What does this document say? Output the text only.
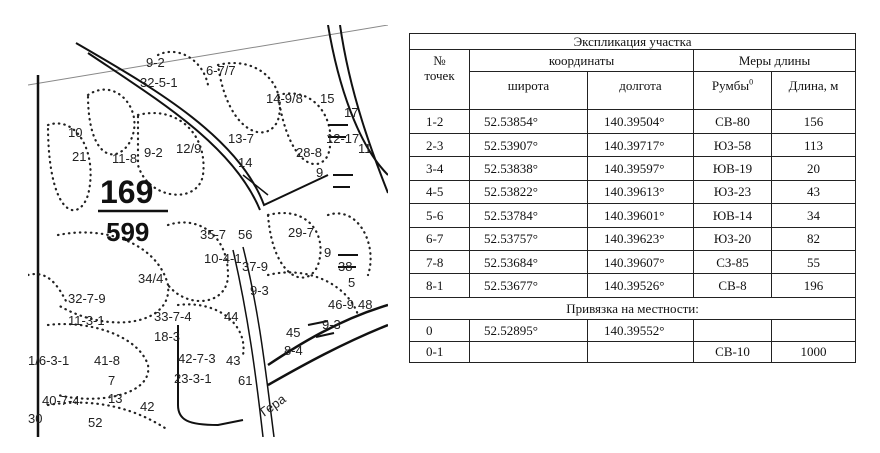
169
599
Гера
9-2
32-5-1
6-7/7
14-9/8 15
17
12-17
11
10
21 11-8 9-2 12/9
13-7
14
28-8
9
35-7 56
10-4-1
29-7
9
37-9
9-3
38
5
32-7-9
11-3-1
34/4
33-7-4
18-3
44
45
8-4
46-9
9-3
48
42-7-3
23-3-1
43
61
1/6-3-1 41-8
7
40-7-4 13
42
52
30
Экспликация участка				
№
точек	координаты		Меры длины	
	широта	долгота	Румбы$^0$	Длина, м
1-2	52.53854°	140.39504°	СВ-80	156
2-3	52.53907°	140.39717°	ЮЗ-58	113
3-4	52.53838°	140.39597°	ЮВ-19	20
4-5	52.53822°	140.39613°	ЮЗ-23	43
5-6	52.53784°	140.39601°	ЮВ-14	34
6-7	52.53757°	140.39623°	ЮЗ-20	82
7-8	52.53684°	140.39607°	СЗ-85	55
8-1	52.53677°	140.39526°	СВ-8	196
Привязка на местности:				
0	52.52895°	140.39552°		
0-1			СВ-10	1000
